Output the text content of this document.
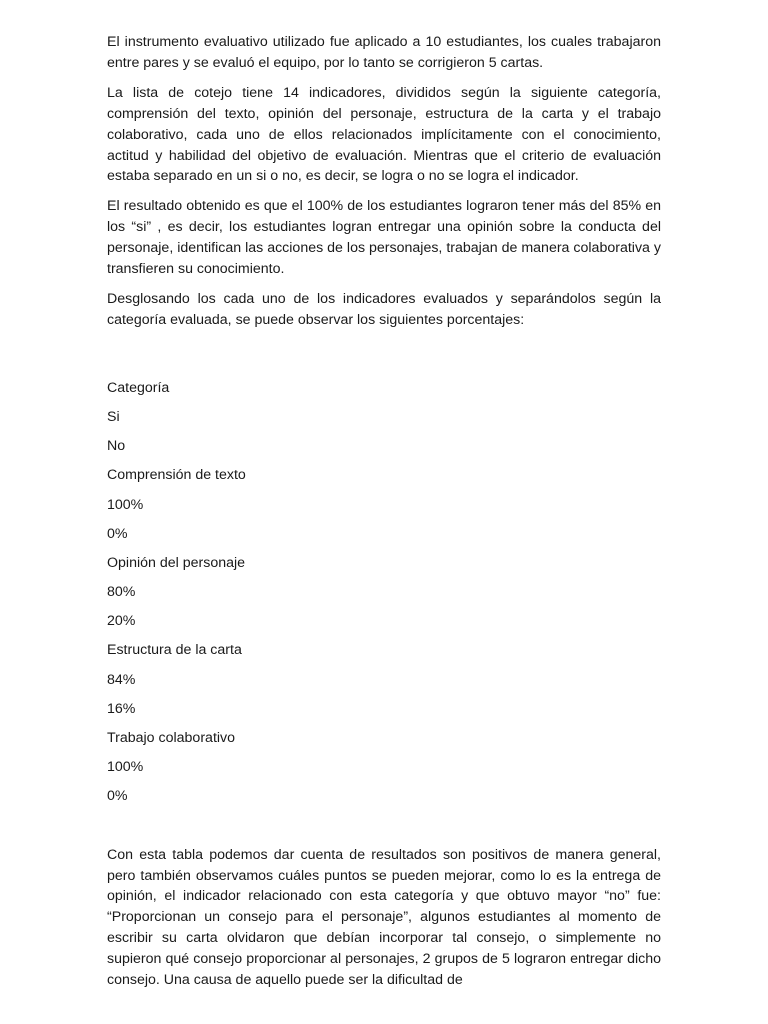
El instrumento evaluativo utilizado fue aplicado a 10 estudiantes, los cuales trabajaron entre pares y se evaluó el equipo, por lo tanto se corrigieron 5 cartas.

La lista de cotejo tiene 14 indicadores, divididos según la siguiente categoría, comprensión del texto, opinión del personaje, estructura de la carta y el trabajo colaborativo, cada uno de ellos relacionados implícitamente con el conocimiento, actitud y habilidad del objetivo de evaluación. Mientras que el criterio de evaluación estaba separado en un si o no, es decir, se logra o no se logra el indicador.

El resultado obtenido es que el 100% de los estudiantes lograron tener más del 85% en los “si” , es decir, los estudiantes logran entregar una opinión sobre la conducta del personaje, identifican las acciones de los personajes, trabajan de manera colaborativa y transfieren su conocimiento.

Desglosando los cada uno de los indicadores evaluados y separándolos según la categoría evaluada, se puede observar los siguientes porcentajes:

Categoría

Si

No

Comprensión de texto

100%

0%

Opinión del personaje

80%

20%

Estructura de la carta

84%

16%

Trabajo colaborativo

100%

0%

Con esta tabla podemos dar cuenta de resultados son positivos de manera general, pero también observamos cuáles puntos se pueden mejorar, como lo es la entrega de opinión, el indicador relacionado con esta categoría y que obtuvo mayor “no” fue: “Proporcionan un consejo para el personaje”, algunos estudiantes al momento de escribir su carta olvidaron que debían incorporar tal consejo, o simplemente no supieron qué consejo proporcionar al personajes, 2 grupos de 5 lograron entregar dicho consejo. Una causa de aquello puede ser la dificultad de
